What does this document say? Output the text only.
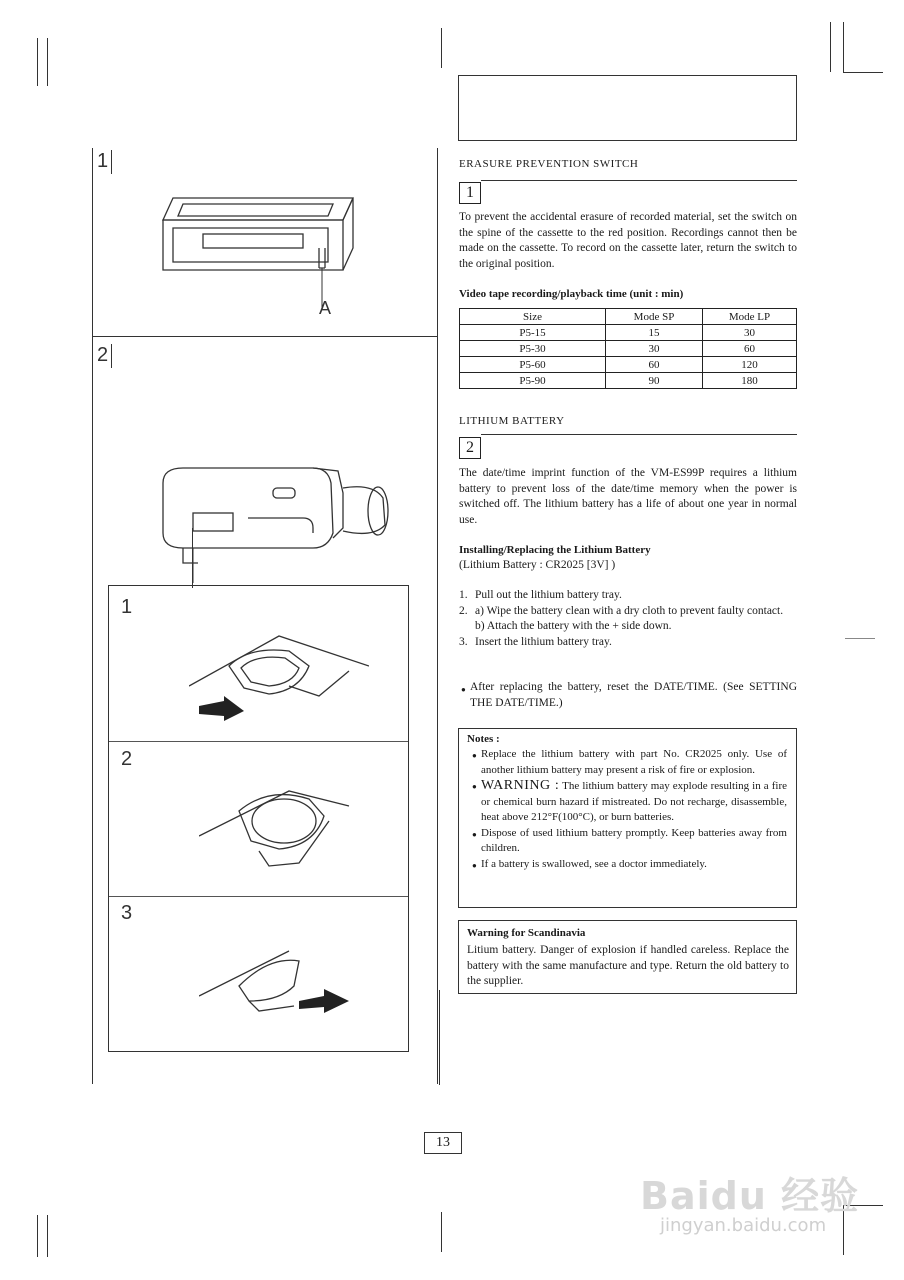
1
A
2
1
2
3
ERASURE PREVENTION SWITCH
1
To prevent the accidental erasure of recorded material, set the switch on the spine of the cassette to the red position. Recordings cannot then be made on the cassette. To record on the cassette later, return the switch to the original position.
Video tape recording/playback time (unit : min)
Size	Mode SP	Mode LP
P5-15	15	30
P5-30	30	60
P5-60	60	120
P5-90	90	180
LITHIUM BATTERY
2
The date/time imprint function of the VM-ES99P requires a lithium battery to prevent loss of the date/time memory when the power is switched off. The lithium battery has a life of about one year in normal use.
Installing/Replacing the Lithium Battery
(Lithium Battery : CR2025 [3V] )
1. Pull out the lithium battery tray.
2. a) Wipe the battery clean with a dry cloth to prevent faulty contact.
b) Attach the battery with the + side down.
3. Insert the lithium battery tray.
After replacing the battery, reset the DATE/TIME. (See SETTING THE DATE/TIME.)
Notes :
Replace the lithium battery with part No. CR2025 only. Use of another lithium battery may present a risk of fire or explosion.
WARNING : The lithium battery may explode resulting in a fire or chemical burn hazard if mistreated. Do not recharge, disassemble, heat above 212°F(100°C), or burn batteries.
Dispose of used lithium battery promptly. Keep batteries away from children.
If a battery is swallowed, see a doctor immediately.
Warning for Scandinavia
Litium battery. Danger of explosion if handled careless. Replace the battery with the same manufacture and type. Return the old battery to the supplier.
13
Baidu 经验
jingyan.baidu.com
